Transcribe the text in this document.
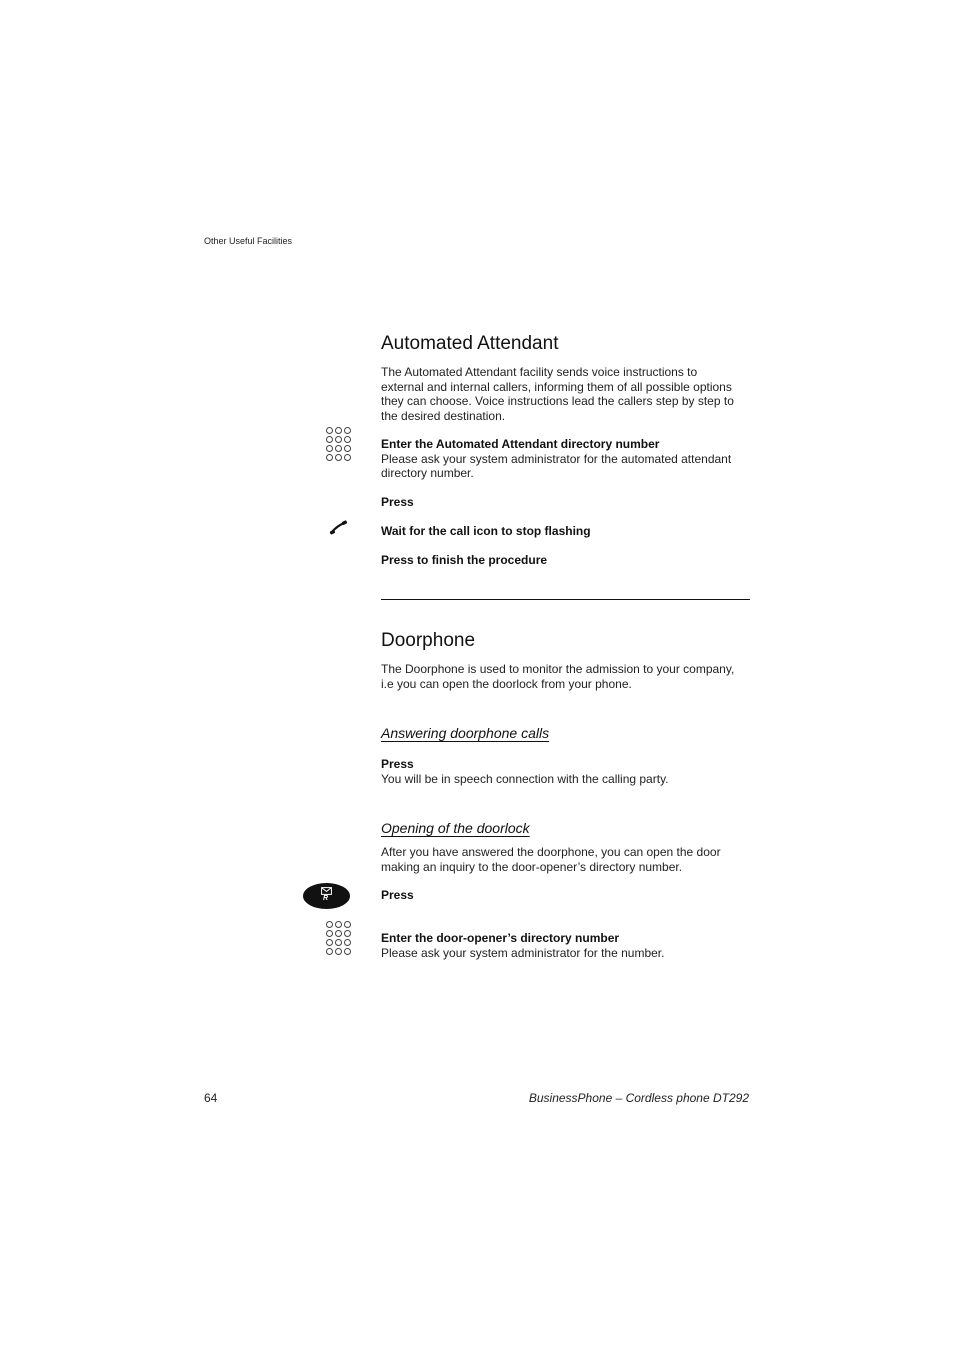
Other Useful Facilities
Automated Attendant
The Automated Attendant facility sends voice instructions to
external and internal callers, informing them of all possible options
they can choose. Voice instructions lead the callers step by step to
the desired destination.
Enter the Automated Attendant directory number
Please ask your system administrator for the automated attendant
directory number.
Press
Wait for the call icon to stop flashing
Press to finish the procedure
Doorphone
The Doorphone is used to monitor the admission to your company,
i.e you can open the doorlock from your phone.
Answering doorphone calls
Press
You will be in speech connection with the calling party.
Opening of the doorlock
After you have answered the doorphone, you can open the door
making an inquiry to the door-opener’s directory number.
R	Press
Enter the door-opener’s directory number
Please ask your system administrator for the number.
64	BusinessPhone – Cordless phone DT292
